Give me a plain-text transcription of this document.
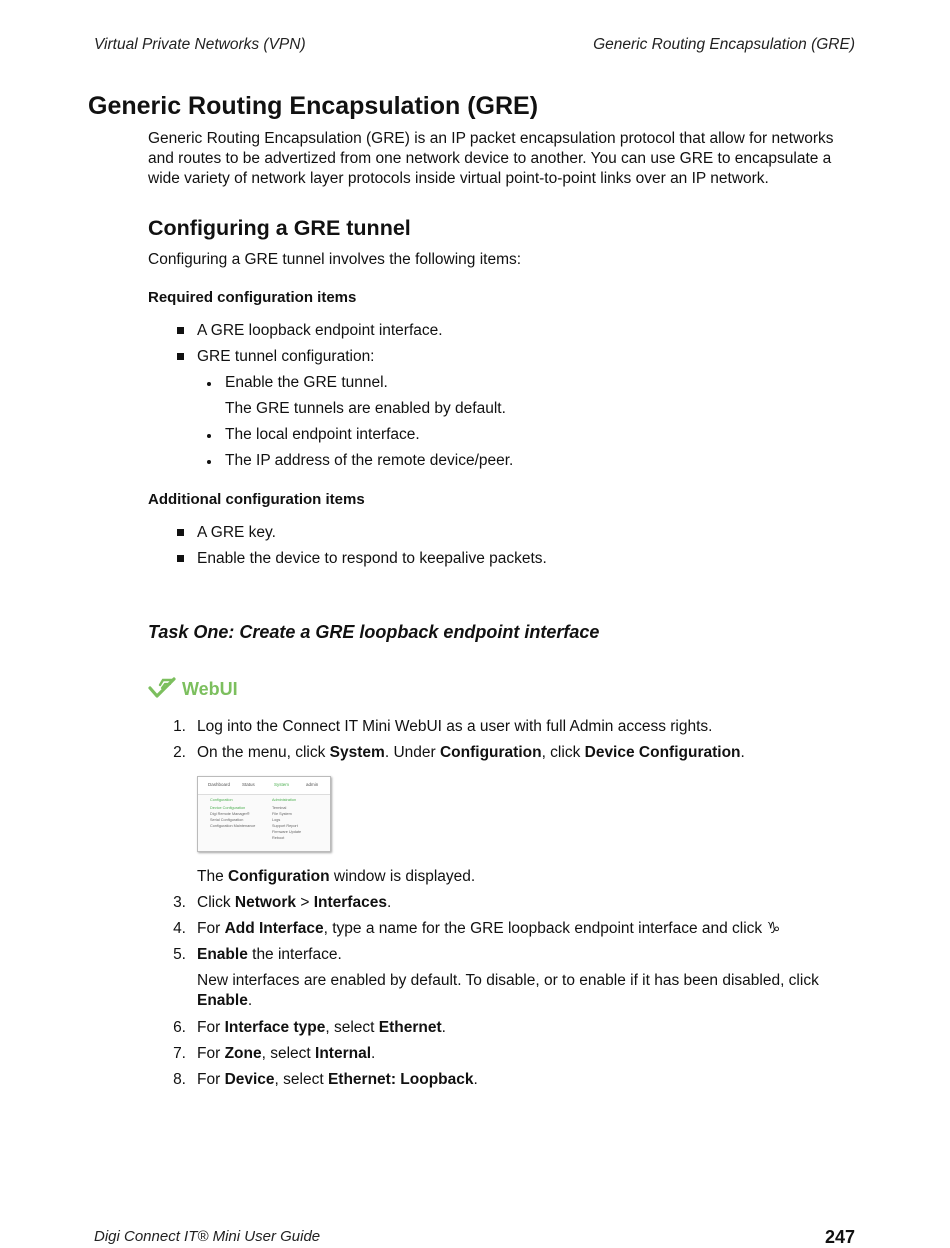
Virtual Private Networks (VPN)	Generic Routing Encapsulation (GRE)
Generic Routing Encapsulation (GRE)
Generic Routing Encapsulation (GRE) is an IP packet encapsulation protocol that allow for networks and routes to be advertized from one network device to another. You can use GRE to encapsulate a wide variety of network layer protocols inside virtual point-to-point links over an IP network.
Configuring a GRE tunnel
Configuring a GRE tunnel involves the following items:
Required configuration items
A GRE loopback endpoint interface.
GRE tunnel configuration:
Enable the GRE tunnel.
The GRE tunnels are enabled by default.
The local endpoint interface.
The IP address of the remote device/peer.
Additional configuration items
A GRE key.
Enable the device to respond to keepalive packets.
Task One: Create a GRE loopback endpoint interface
WebUI
1. Log into the Connect IT Mini WebUI as a user with full Admin access rights.
2. On the menu, click System. Under Configuration, click Device Configuration.
Dashboard	Status	System	admin
Configuration
Device Configuration
Digi Remote Manager®
Serial Configuration
Configuration Maintenance
Administration
Terminal
File System
Logs
Support Report
Firmware Update
Reboot
The Configuration window is displayed.
3. Click Network > Interfaces.
4. For Add Interface, type a name for the GRE loopback endpoint interface and click ♑
5. Enable the interface.
New interfaces are enabled by default. To disable, or to enable if it has been disabled, click Enable.
6. For Interface type, select Ethernet.
7. For Zone, select Internal.
8. For Device, select Ethernet: Loopback.
Digi Connect IT® Mini User Guide	247
